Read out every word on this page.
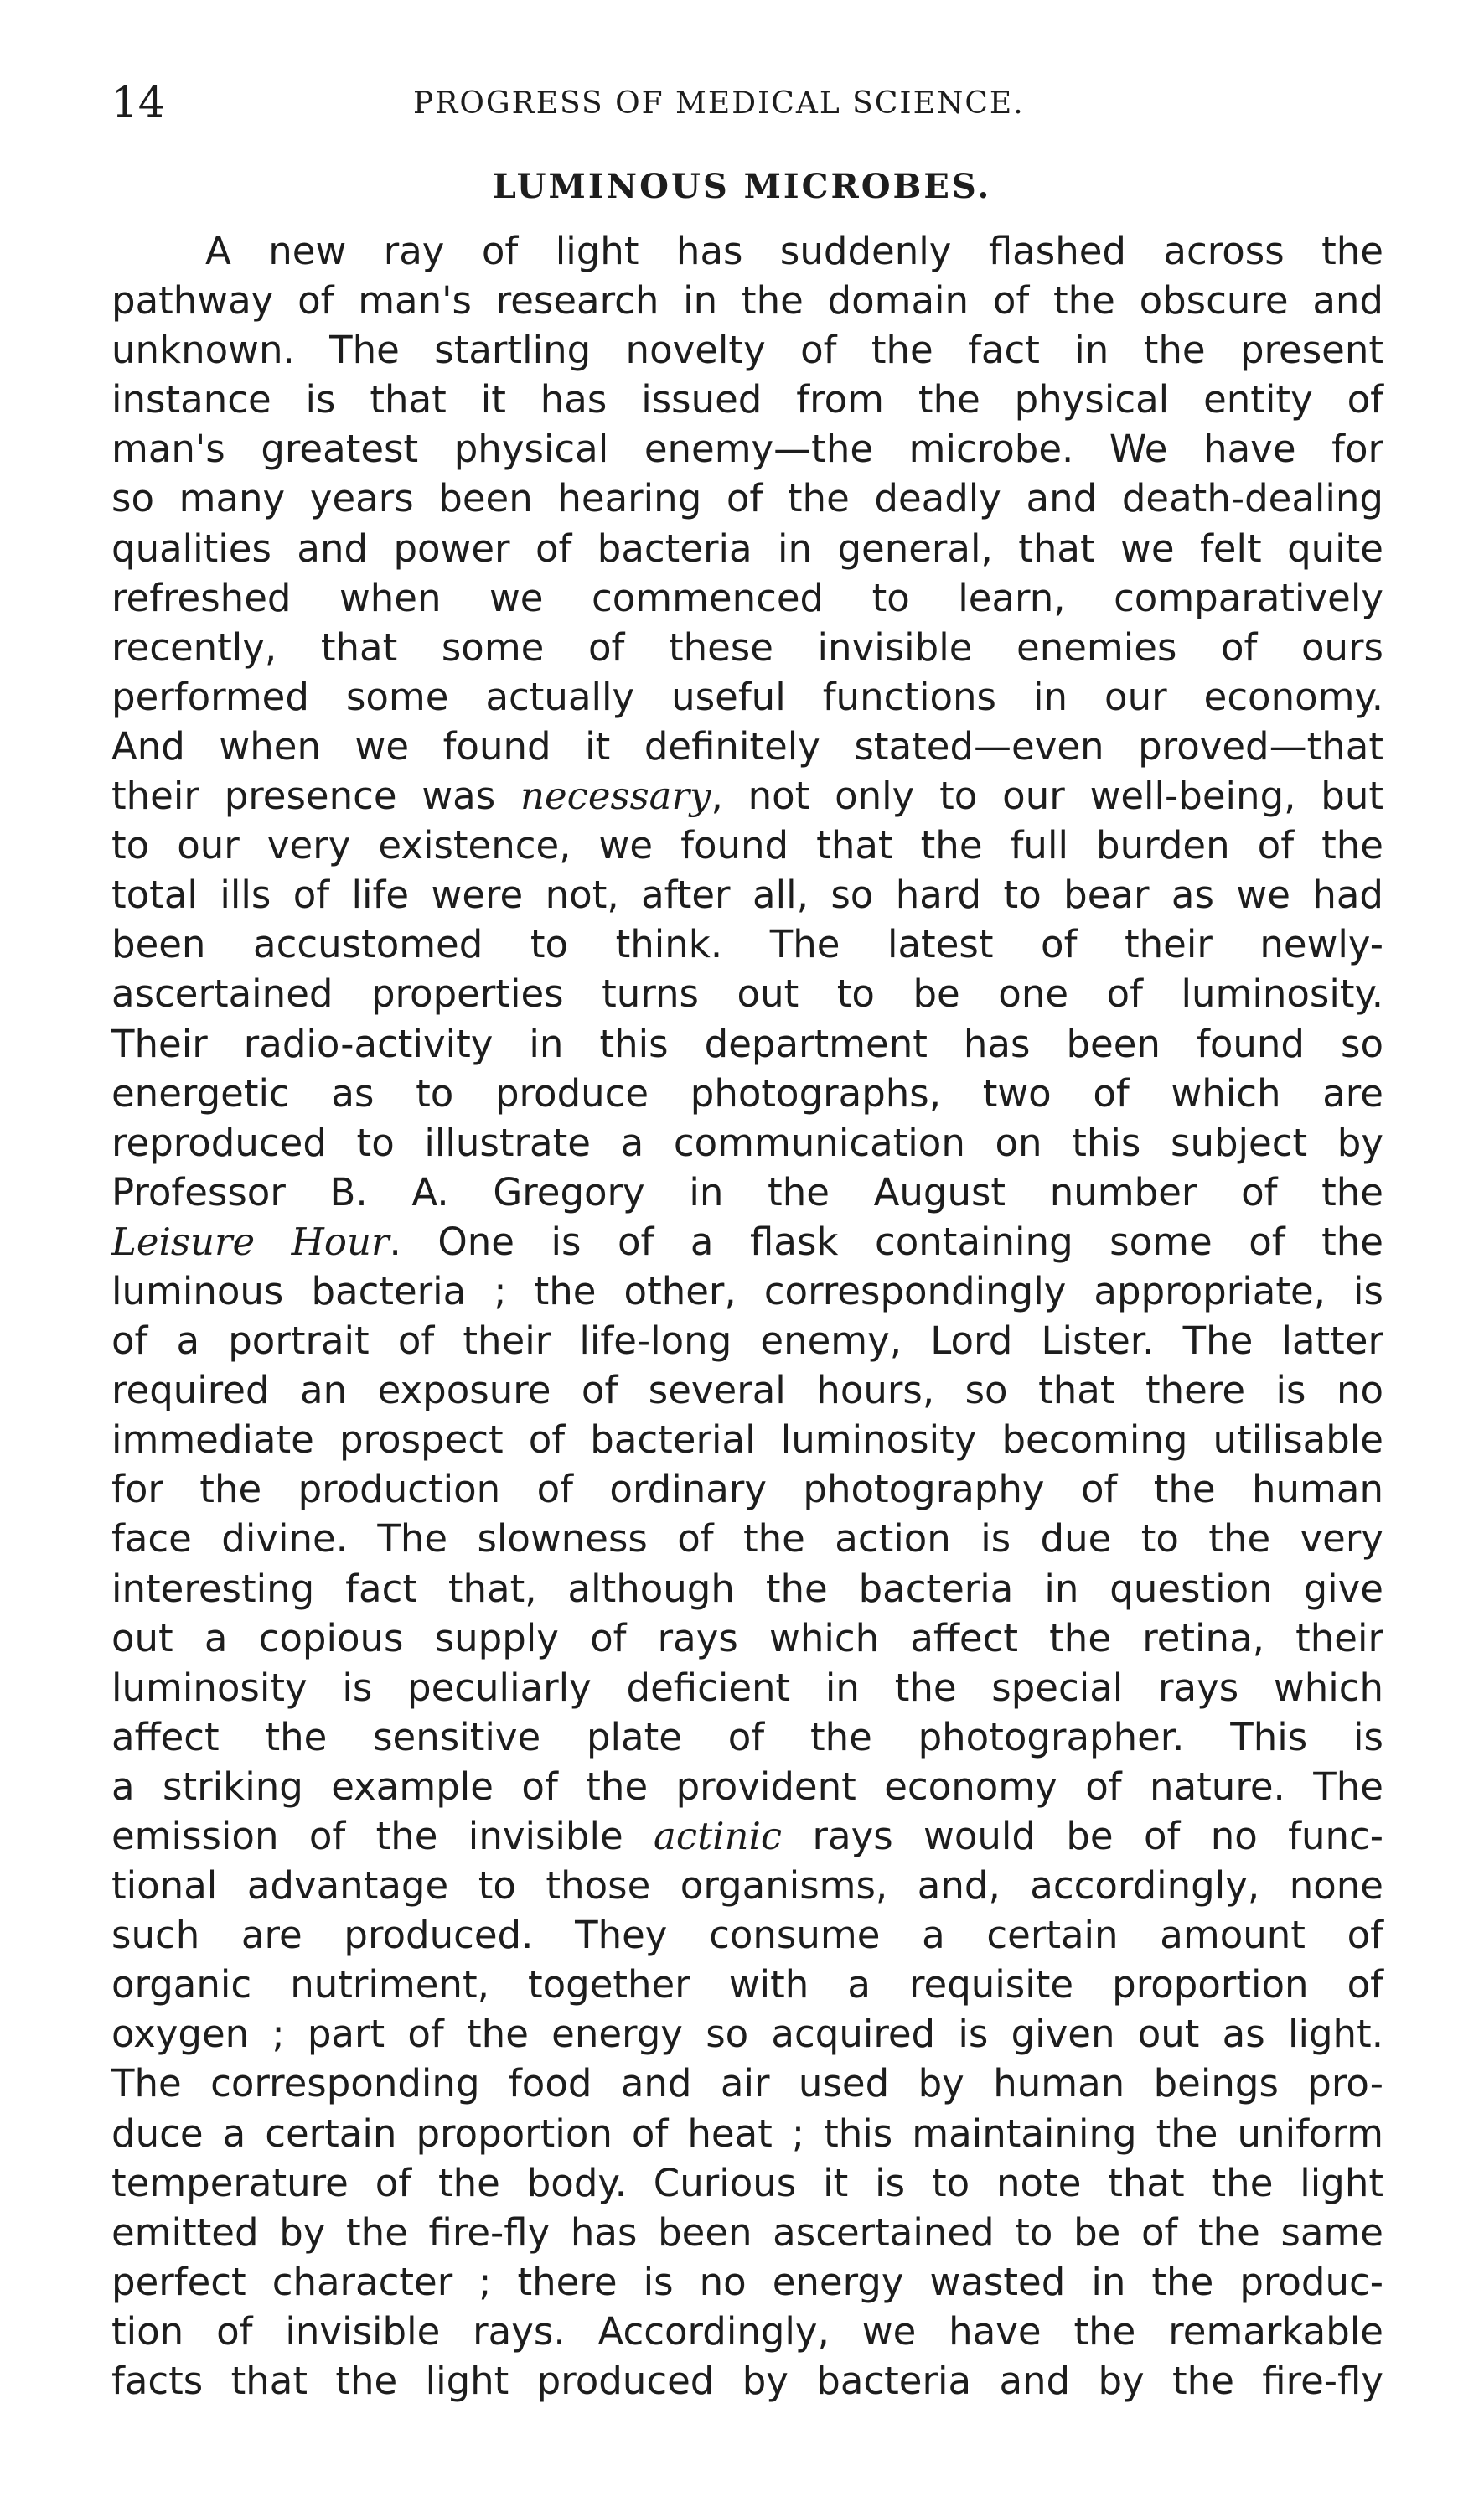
14	PROGRESS OF MEDICAL SCIENCE.
LUMINOUS MICROBES.
A new ray of light has suddenly flashed across the
pathway of man's research in the domain of the obscure and
unknown. The startling novelty of the fact in the present
instance is that it has issued from the physical entity of
man's greatest physical enemy—the microbe. We have for
so many years been hearing of the deadly and death-dealing
qualities and power of bacteria in general, that we felt quite
refreshed when we commenced to learn, comparatively
recently, that some of these invisible enemies of ours
performed some actually useful functions in our economy.
And when we found it definitely stated—even proved—that
their presence was necessary, not only to our well-being, but
to our very existence, we found that the full burden of the
total ills of life were not, after all, so hard to bear as we had
been accustomed to think. The latest of their newly-
ascertained properties turns out to be one of luminosity.
Their radio-activity in this department has been found so
energetic as to produce photographs, two of which are
reproduced to illustrate a communication on this subject by
Professor B. A. Gregory in the August number of the
Leisure Hour. One is of a flask containing some of the
luminous bacteria ; the other, correspondingly appropriate, is
of a portrait of their life-long enemy, Lord Lister. The latter
required an exposure of several hours, so that there is no
immediate prospect of bacterial luminosity becoming utilisable
for the production of ordinary photography of the human
face divine. The slowness of the action is due to the very
interesting fact that, although the bacteria in question give
out a copious supply of rays which affect the retina, their
luminosity is peculiarly deficient in the special rays which
affect the sensitive plate of the photographer. This is
a striking example of the provident economy of nature. The
emission of the invisible actinic rays would be of no func-
tional advantage to those organisms, and, accordingly, none
such are produced. They consume a certain amount of
organic nutriment, together with a requisite proportion of
oxygen ; part of the energy so acquired is given out as light.
The corresponding food and air used by human beings pro-
duce a certain proportion of heat ; this maintaining the uniform
temperature of the body. Curious it is to note that the light
emitted by the fire-fly has been ascertained to be of the same
perfect character ; there is no energy wasted in the produc-
tion of invisible rays. Accordingly, we have the remarkable
facts that the light produced by bacteria and by the fire-fly
